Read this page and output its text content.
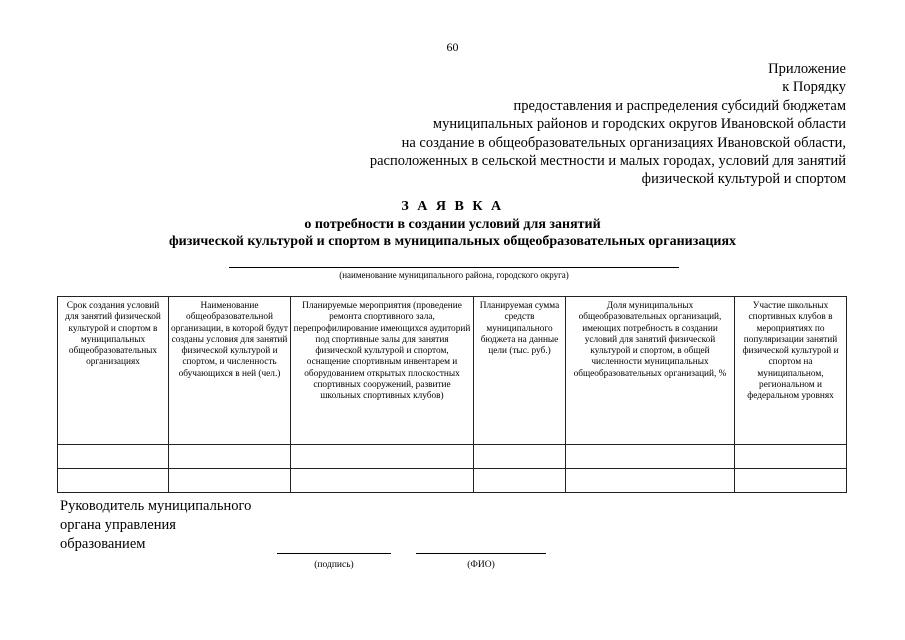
60
Приложение
к Порядку
предоставления и распределения субсидий бюджетам
муниципальных районов и городских округов Ивановской области
на создание в общеобразовательных организациях Ивановской области,
расположенных в сельской местности и малых городах, условий для занятий
физической культурой и спортом
З А Я В К А
о потребности в создании условий для занятий
физической культурой и спортом в муниципальных общеобразовательных организациях
(наименование муниципального района, городского округа)
Срок создания условий для занятий физической культурой и спортом в муниципальных общеобразовательных организациях	Наименование общеобразовательной организации, в которой будут созданы условия для занятий физической культурой и спортом, и численность обучающихся в ней (чел.)	Планируемые мероприятия (проведение ремонта спортивного зала, перепрофилирование имеющихся аудиторий под спортивные залы для занятия физической культурой и спортом, оснащение спортивным инвентарем и оборудованием открытых плоскостных спортивных сооружений, развитие школьных спортивных клубов)	Планируемая сумма средств муниципального бюджета на данные цели (тыс. руб.)	Доля муниципальных общеобразовательных организаций, имеющих потребность в создании условий для занятий физической культурой и спортом, в общей численности муниципальных общеобразовательных организаций, %	Участие школьных спортивных клубов в мероприятиях по популяризации занятий физической культурой и спортом на муниципальном, региональном и федеральном уровнях

Руководитель муниципального
органа управления
образованием
(подпись)	(ФИО)
